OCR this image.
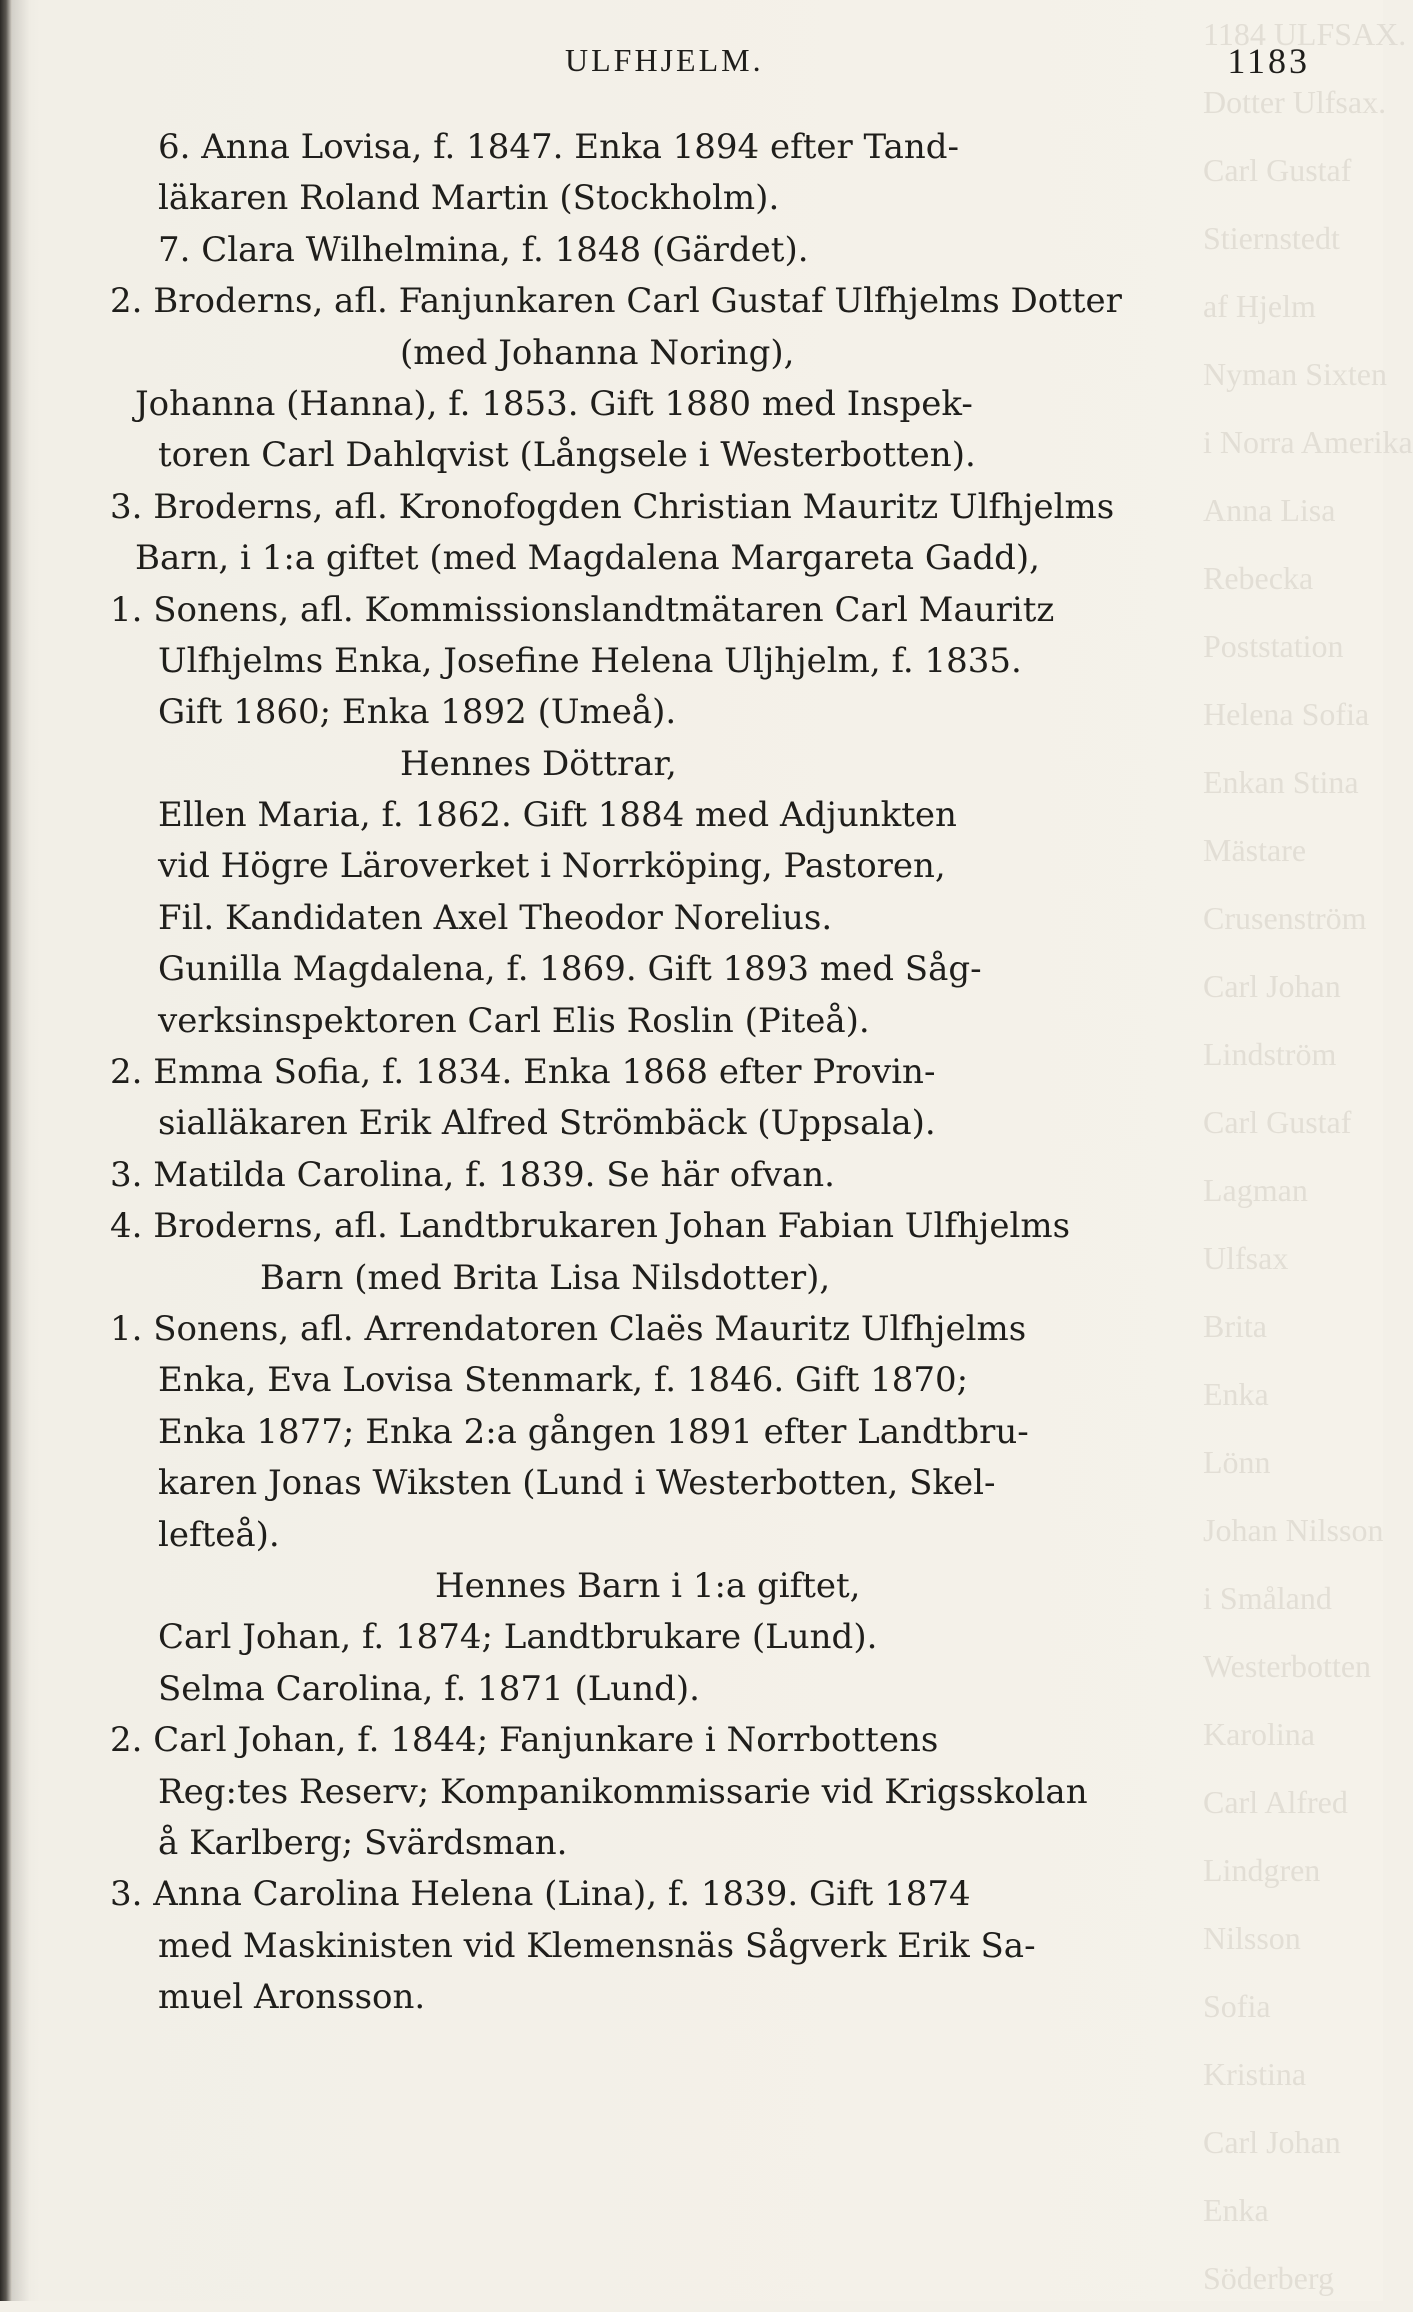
1184 ULFSAX.
Dotter Ulfsax.
Carl Gustaf
Stiernstedt
af Hjelm
Nyman Sixten
i Norra Amerika
Anna Lisa
Rebecka
Poststation
Helena Sofia
Enkan Stina
Mästare
Crusenström
Carl Johan
Lindström
Carl Gustaf
Lagman
Ulfsax
Brita
Enka
Lönn
Johan Nilsson
i Småland
Westerbotten
Karolina
Carl Alfred
Lindgren
Nilsson
Sofia
Kristina
Carl Johan
Enka
Söderberg
ULFHJELM.	1183
6. Anna Lovisa, f. 1847. Enka 1894 efter Tand-
läkaren Roland Martin (Stockholm).
7. Clara Wilhelmina, f. 1848 (Gärdet).
2. Broderns, afl. Fanjunkaren Carl Gustaf Ulfhjelms Dotter
(med Johanna Noring),
Johanna (Hanna), f. 1853. Gift 1880 med Inspek-
toren Carl Dahlqvist (Långsele i Westerbotten).
3. Broderns, afl. Kronofogden Christian Mauritz Ulfhjelms
Barn, i 1:a giftet (med Magdalena Margareta Gadd),
1. Sonens, afl. Kommissionslandtmätaren Carl Mauritz
Ulfhjelms Enka, Josefine Helena Uljhjelm, f. 1835.
Gift 1860; Enka 1892 (Umeå).
Hennes Döttrar,
Ellen Maria, f. 1862. Gift 1884 med Adjunkten
vid Högre Läroverket i Norrköping, Pastoren,
Fil. Kandidaten Axel Theodor Norelius.
Gunilla Magdalena, f. 1869. Gift 1893 med Såg-
verksinspektoren Carl Elis Roslin (Piteå).
2. Emma Sofia, f. 1834. Enka 1868 efter Provin-
sialläkaren Erik Alfred Strömbäck (Uppsala).
3. Matilda Carolina, f. 1839. Se här ofvan.
4. Broderns, afl. Landtbrukaren Johan Fabian Ulfhjelms
Barn (med Brita Lisa Nilsdotter),
1. Sonens, afl. Arrendatoren Claës Mauritz Ulfhjelms
Enka, Eva Lovisa Stenmark, f. 1846. Gift 1870;
Enka 1877; Enka 2:a gången 1891 efter Landtbru-
karen Jonas Wiksten (Lund i Westerbotten, Skel-
lefteå).
Hennes Barn i 1:a giftet,
Carl Johan, f. 1874; Landtbrukare (Lund).
Selma Carolina, f. 1871 (Lund).
2. Carl Johan, f. 1844; Fanjunkare i Norrbottens
Reg:tes Reserv; Kompanikommissarie vid Krigsskolan
å Karlberg; Svärdsman.
3. Anna Carolina Helena (Lina), f. 1839. Gift 1874
med Maskinisten vid Klemensnäs Sågverk Erik Sa-
muel Aronsson.
